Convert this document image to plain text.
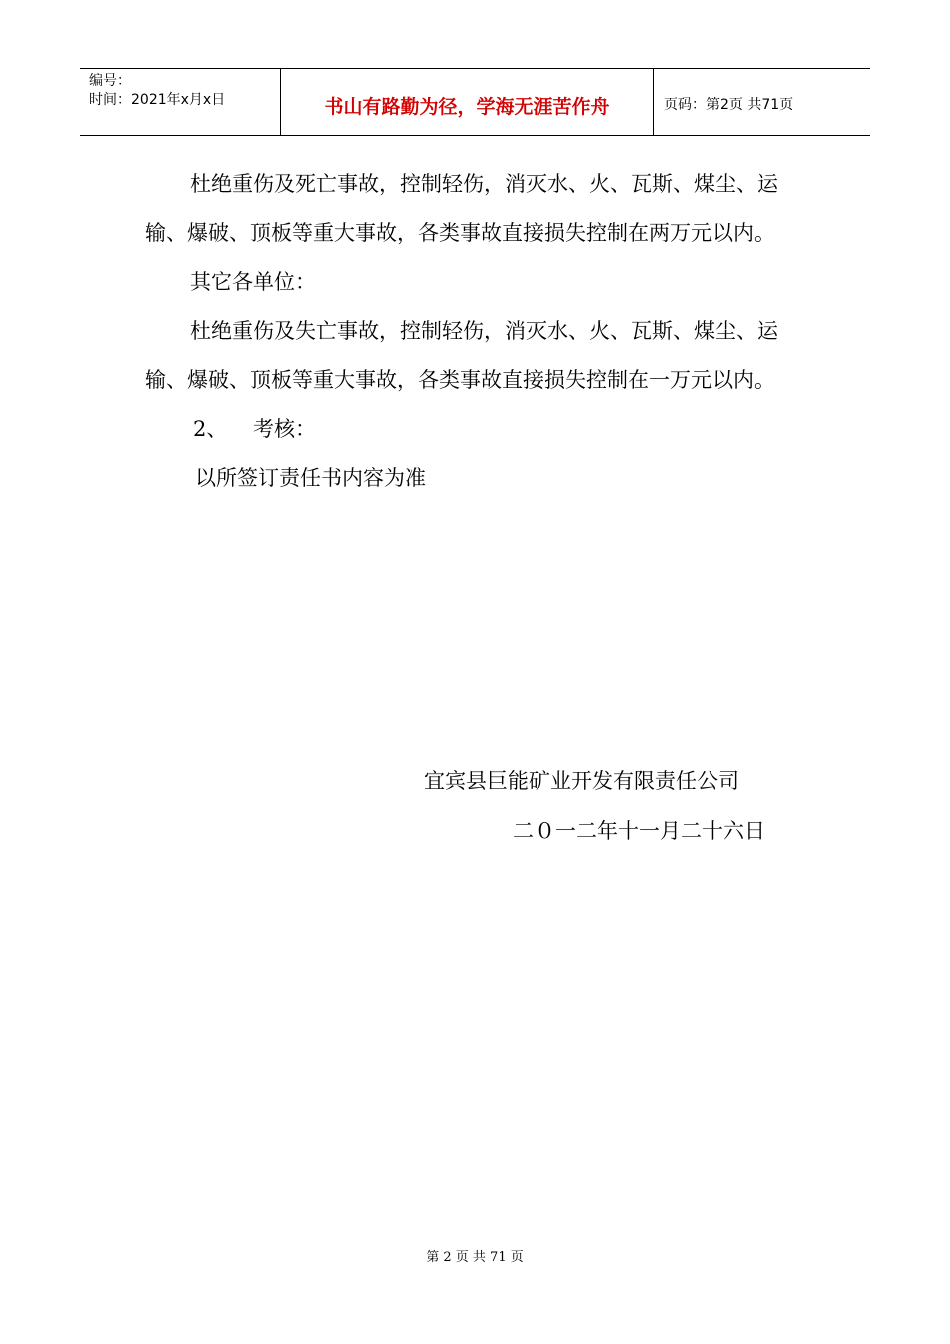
编号：
时间：2021年x月x日	书山有路勤为径，学海无涯苦作舟	页码：第2页 共71页

杜绝重伤及死亡事故，控制轻伤，消灭水、火、瓦斯、煤尘、运输、爆破、顶板等重大事故，各类事故直接损失控制在两万元以内。

其它各单位：

杜绝重伤及失亡事故，控制轻伤，消灭水、火、瓦斯、煤尘、运输、爆破、顶板等重大事故，各类事故直接损失控制在一万元以内。

2、 考核：

以所签订责任书内容为准

宜宾县巨能矿业开发有限责任公司
二０一二年十一月二十六日
第 2 页 共 71 页
